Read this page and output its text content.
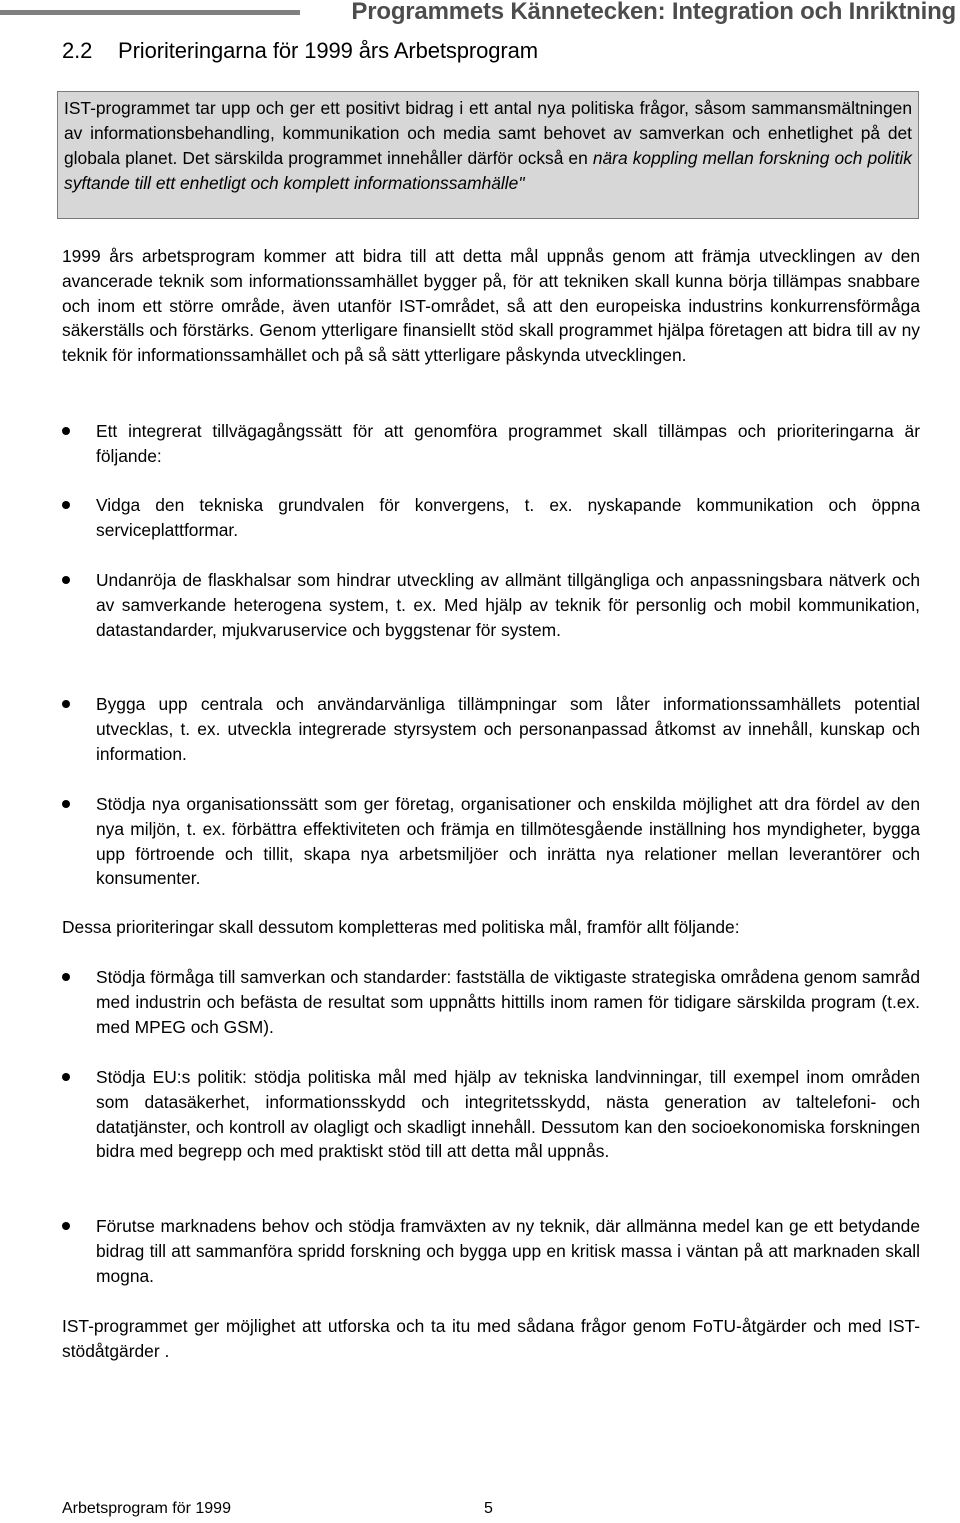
Programmets Kännetecken: Integration och Inriktning
2.2 Prioriteringarna för 1999 års Arbetsprogram
IST-programmet tar upp och ger ett positivt bidrag i ett antal nya politiska frågor, såsom sammansmältningen av informationsbehandling, kommunikation och media samt behovet av samverkan och enhetlighet på det globala planet. Det särskilda programmet innehåller därför också en nära koppling mellan forskning och politik syftande till ett enhetligt och komplett informationssamhälle"
1999 års arbetsprogram kommer att bidra till att detta mål uppnås genom att främja utvecklingen av den avancerade teknik som informationssamhället bygger på, för att tekniken skall kunna börja tillämpas snabbare och inom ett större område, även utanför IST-området, så att den europeiska industrins konkurrensförmåga säkerställs och förstärks. Genom ytterligare finansiellt stöd skall programmet hjälpa företagen att bidra till av ny teknik för informationssamhället och på så sätt ytterligare påskynda utvecklingen.
Ett integrerat tillvägagångssätt för att genomföra programmet skall tillämpas och prioriteringarna är följande:
Vidga den tekniska grundvalen för konvergens, t. ex. nyskapande kommunikation och öppna serviceplattformar.
Undanröja de flaskhalsar som hindrar utveckling av allmänt tillgängliga och anpassningsbara nätverk och av samverkande heterogena system, t. ex. Med hjälp av teknik för personlig och mobil kommunikation, datastandarder, mjukvaruservice och byggstenar för system.
Bygga upp centrala och användarvänliga tillämpningar som låter informationssamhällets potential utvecklas, t. ex. utveckla integrerade styrsystem och personanpassad åtkomst av innehåll, kunskap och information.
Stödja nya organisationssätt som ger företag, organisationer och enskilda möjlighet att dra fördel av den nya miljön, t. ex. förbättra effektiviteten och främja en tillmötesgående inställning hos myndigheter, bygga upp förtroende och tillit, skapa nya arbetsmiljöer och inrätta nya relationer mellan leverantörer och konsumenter.
Dessa prioriteringar skall dessutom kompletteras med politiska mål, framför allt följande:
Stödja förmåga till samverkan och standarder: fastställa de viktigaste strategiska områdena genom samråd med industrin och befästa de resultat som uppnåtts hittills inom ramen för tidigare särskilda program (t.ex. med MPEG och GSM).
Stödja EU:s politik: stödja politiska mål med hjälp av tekniska landvinningar, till exempel inom områden som datasäkerhet, informationsskydd och integritetsskydd, nästa generation av taltelefoni- och datatjänster, och kontroll av olagligt och skadligt innehåll. Dessutom kan den socioekonomiska forskningen bidra med begrepp och med praktiskt stöd till att detta mål uppnås.
Förutse marknadens behov och stödja framväxten av ny teknik, där allmänna medel kan ge ett betydande bidrag till att sammanföra spridd forskning och bygga upp en kritisk massa i väntan på att marknaden skall mogna.
IST-programmet ger möjlighet att utforska och ta itu med sådana frågor genom FoTU-åtgärder och med IST-stödåtgärder .
Arbetsprogram för 1999	5
